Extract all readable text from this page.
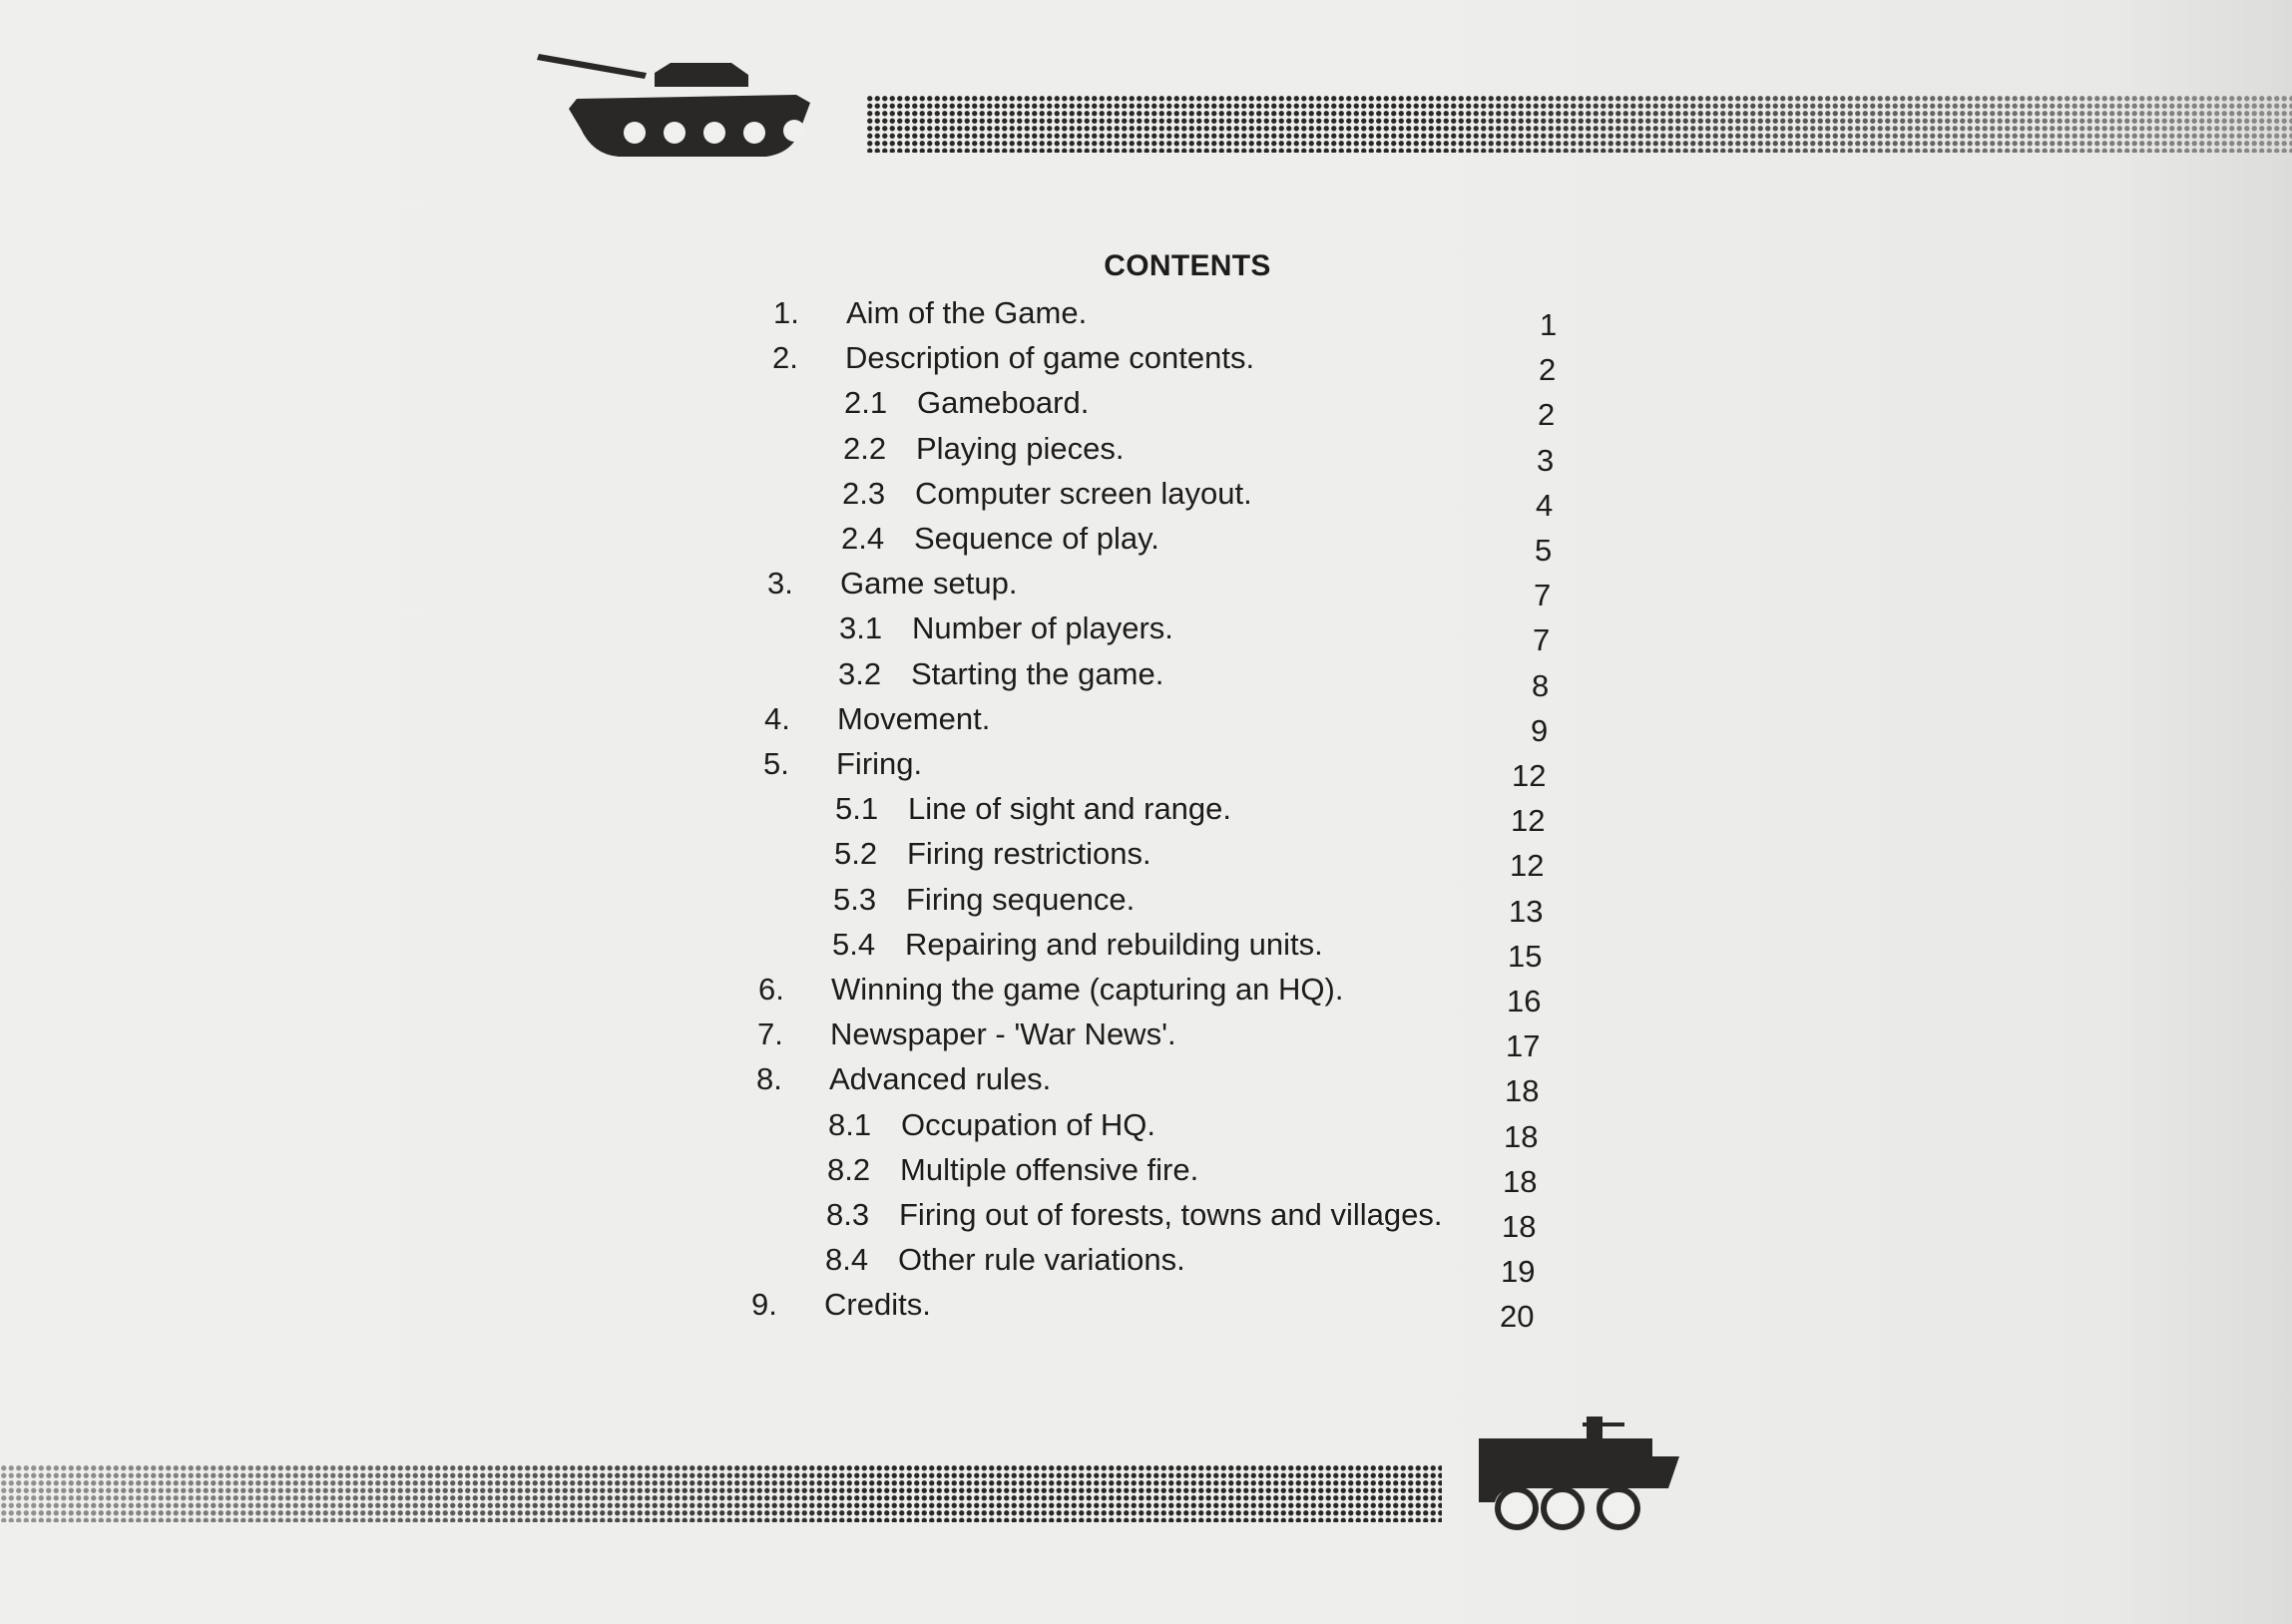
CONTENTS
1. Aim of the Game.	1
2. Description of game contents.	2
2.1 Gameboard.	2
2.2 Playing pieces.	3
2.3 Computer screen layout.	4
2.4 Sequence of play.	5
3. Game setup.	7
3.1 Number of players.	7
3.2 Starting the game.	8
4. Movement.	9
5. Firing.	12
5.1 Line of sight and range.	12
5.2 Firing restrictions.	12
5.3 Firing sequence.	13
5.4 Repairing and rebuilding units.	15
6. Winning the game (capturing an HQ).	16
7. Newspaper - 'War News'.	17
8. Advanced rules.	18
8.1 Occupation of HQ.	18
8.2 Multiple offensive fire.	18
8.3 Firing out of forests, towns and villages. 18
8.4 Other rule variations.	19
9. Credits.	20
